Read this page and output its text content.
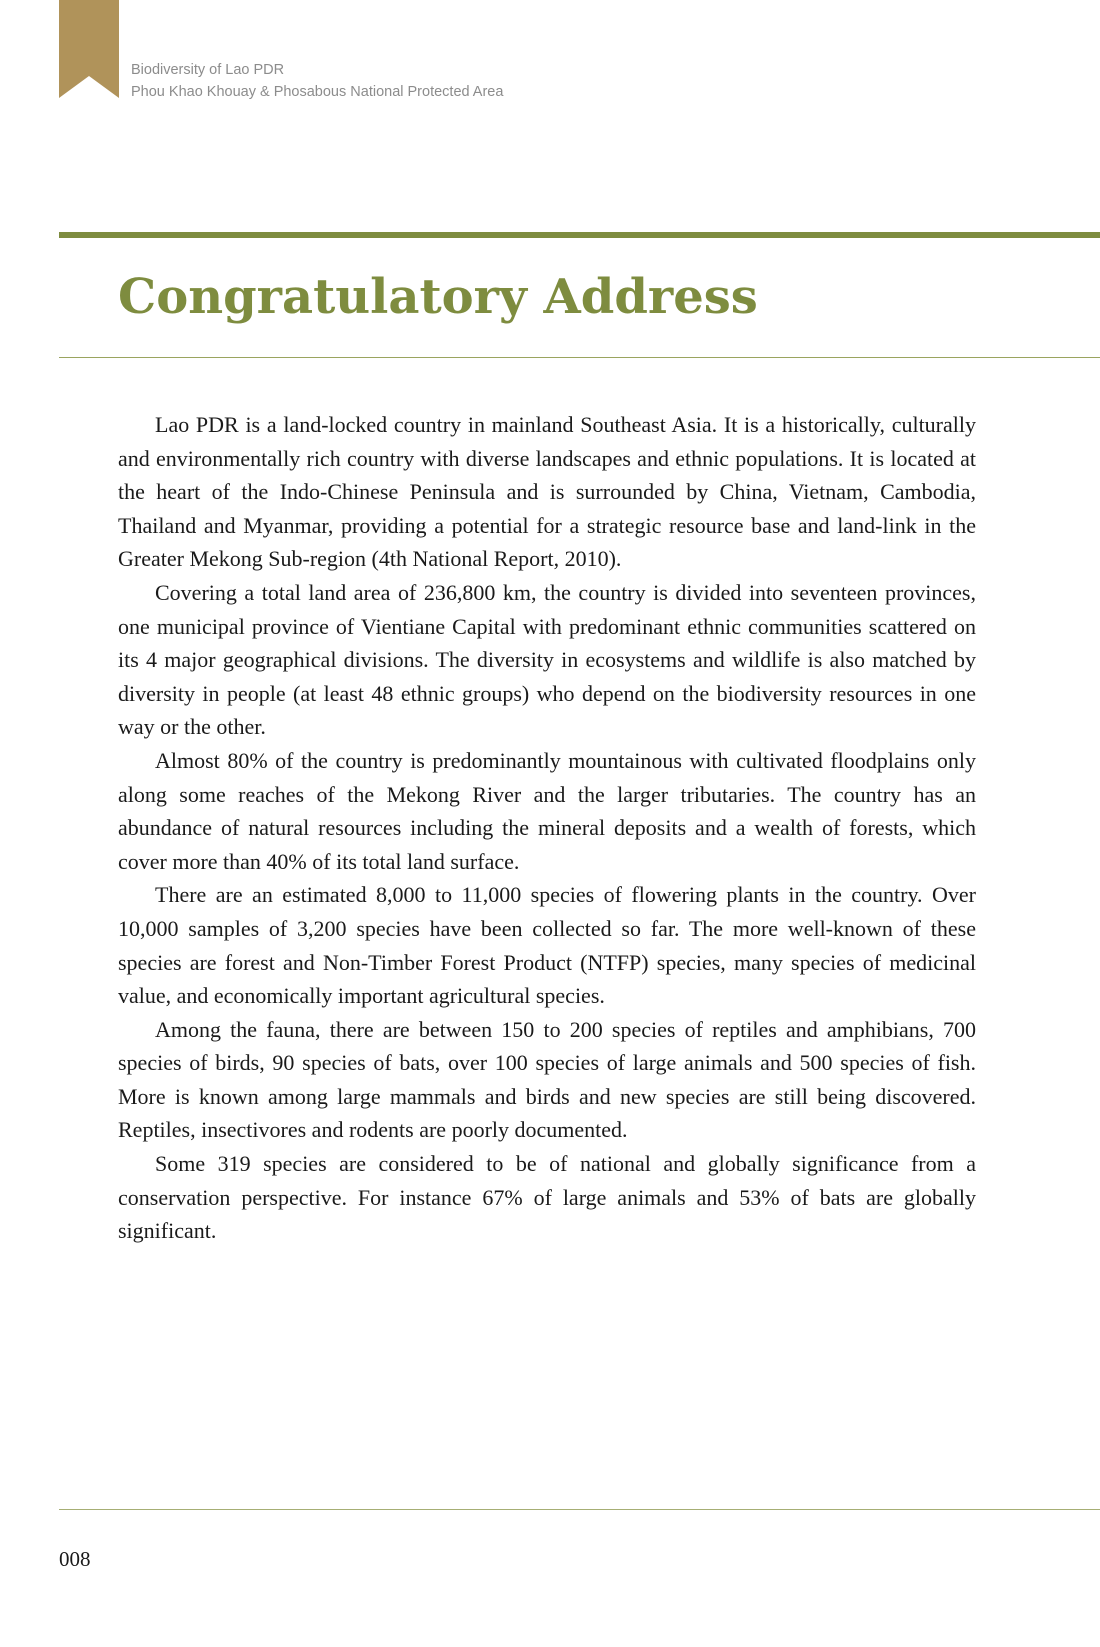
Biodiversity of Lao PDR
Phou Khao Khouay & Phosabous National Protected Area
Congratulatory Address

Lao PDR is a land-locked country in mainland Southeast Asia. It is a historically, culturally and environmentally rich country with diverse landscapes and ethnic populations. It is located at the heart of the Indo-Chinese Peninsula and is surrounded by China, Vietnam, Cambodia, Thailand and Myanmar, providing a potential for a strategic resource base and land-link in the Greater Mekong Sub-region (4th National Report, 2010).

Covering a total land area of 236,800 km, the country is divided into seventeen provinces, one municipal province of Vientiane Capital with predominant ethnic communities scattered on its 4 major geographical divisions. The diversity in ecosystems and wildlife is also matched by diversity in people (at least 48 ethnic groups) who depend on the biodiversity resources in one way or the other.

Almost 80% of the country is predominantly mountainous with cultivated floodplains only along some reaches of the Mekong River and the larger tributaries. The country has an abundance of natural resources including the mineral deposits and a wealth of forests, which cover more than 40% of its total land surface.

There are an estimated 8,000 to 11,000 species of flowering plants in the country. Over 10,000 samples of 3,200 species have been collected so far. The more well-known of these species are forest and Non-Timber Forest Product (NTFP) species, many species of medicinal value, and economically important agricultural species.

Among the fauna, there are between 150 to 200 species of reptiles and amphibians, 700 species of birds, 90 species of bats, over 100 species of large animals and 500 species of fish. More is known among large mammals and birds and new species are still being discovered. Reptiles, insectivores and rodents are poorly documented.

Some 319 species are considered to be of national and globally significance from a conservation perspective. For instance 67% of large animals and 53% of bats are globally significant.

008
